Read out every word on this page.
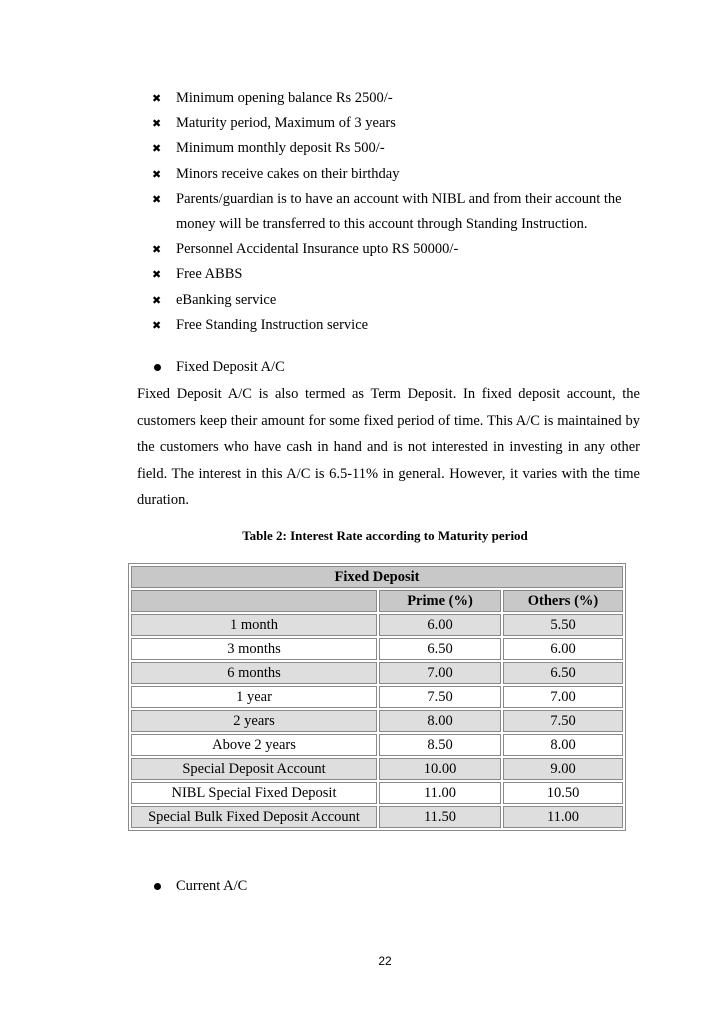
✖ Minimum opening balance Rs 2500/-
✖ Maturity period, Maximum of 3 years
✖ Minimum monthly deposit Rs 500/-
✖ Minors receive cakes on their birthday
✖ Parents/guardian is to have an account with NIBL and from their account the money will be transferred to this account through Standing Instruction.
✖ Personnel Accidental Insurance upto RS 50000/-
✖ Free ABBS
✖ eBanking service
✖ Free Standing Instruction service
Fixed Deposit A/C

Fixed Deposit A/C is also termed as Term Deposit. In fixed deposit account, the customers keep their amount for some fixed period of time. This A/C is maintained by the customers who have cash in hand and is not interested in investing in any other field. The interest in this A/C is 6.5-11% in general. However, it varies with the time duration.

Table 2: Interest Rate according to Maturity period
Fixed Deposit		
	Prime (%)	Others (%)
1 month	6.00	5.50
3 months	6.50	6.00
6 months	7.00	6.50
1 year	7.50	7.00
2 years	8.00	7.50
Above 2 years	8.50	8.00
Special Deposit Account	10.00	9.00
NIBL Special Fixed Deposit	11.00	10.50
Special Bulk Fixed Deposit Account	11.50	11.00
Current A/C
22
